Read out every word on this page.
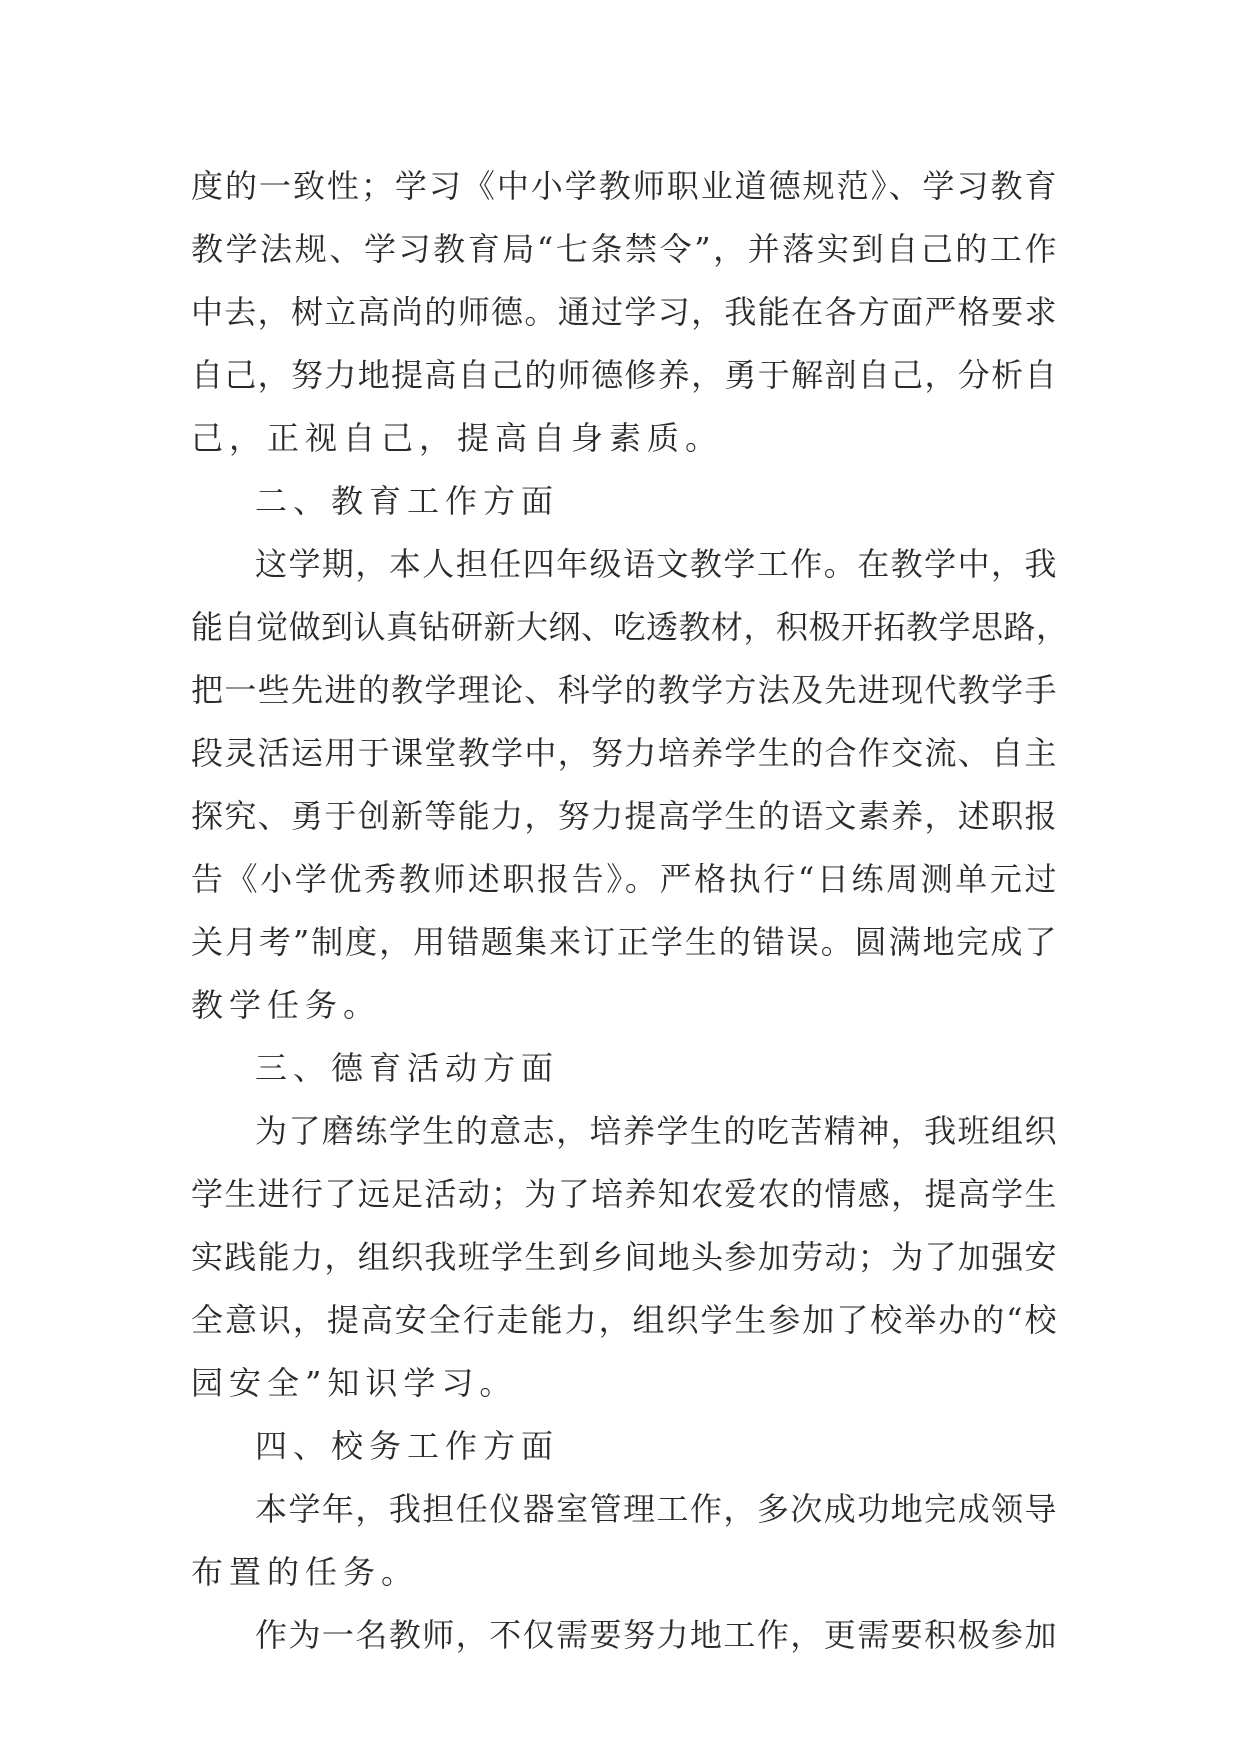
度的一致性；学习《中小学教师职业道德规范》、学习教育
教学法规、学习教育局“七条禁令”，并落实到自己的工作
中去，树立高尚的师德。通过学习，我能在各方面严格要求
自己，努力地提高自己的师德修养，勇于解剖自己，分析自
己，正视自己，提高自身素质。
二、教育工作方面
这学期，本人担任四年级语文教学工作。在教学中，我
能自觉做到认真钻研新大纲、吃透教材，积极开拓教学思路，
把一些先进的教学理论、科学的教学方法及先进现代教学手
段灵活运用于课堂教学中，努力培养学生的合作交流、自主
探究、勇于创新等能力，努力提高学生的语文素养，述职报
告《小学优秀教师述职报告》。严格执行“日练周测单元过
关月考”制度，用错题集来订正学生的错误。圆满地完成了
教学任务。
三、德育活动方面
为了磨练学生的意志，培养学生的吃苦精神，我班组织
学生进行了远足活动；为了培养知农爱农的情感，提高学生
实践能力，组织我班学生到乡间地头参加劳动；为了加强安
全意识，提高安全行走能力，组织学生参加了校举办的“校
园安全”知识学习。
四、校务工作方面
本学年，我担任仪器室管理工作，多次成功地完成领导
布置的任务。
作为一名教师，不仅需要努力地工作，更需要积极参加
